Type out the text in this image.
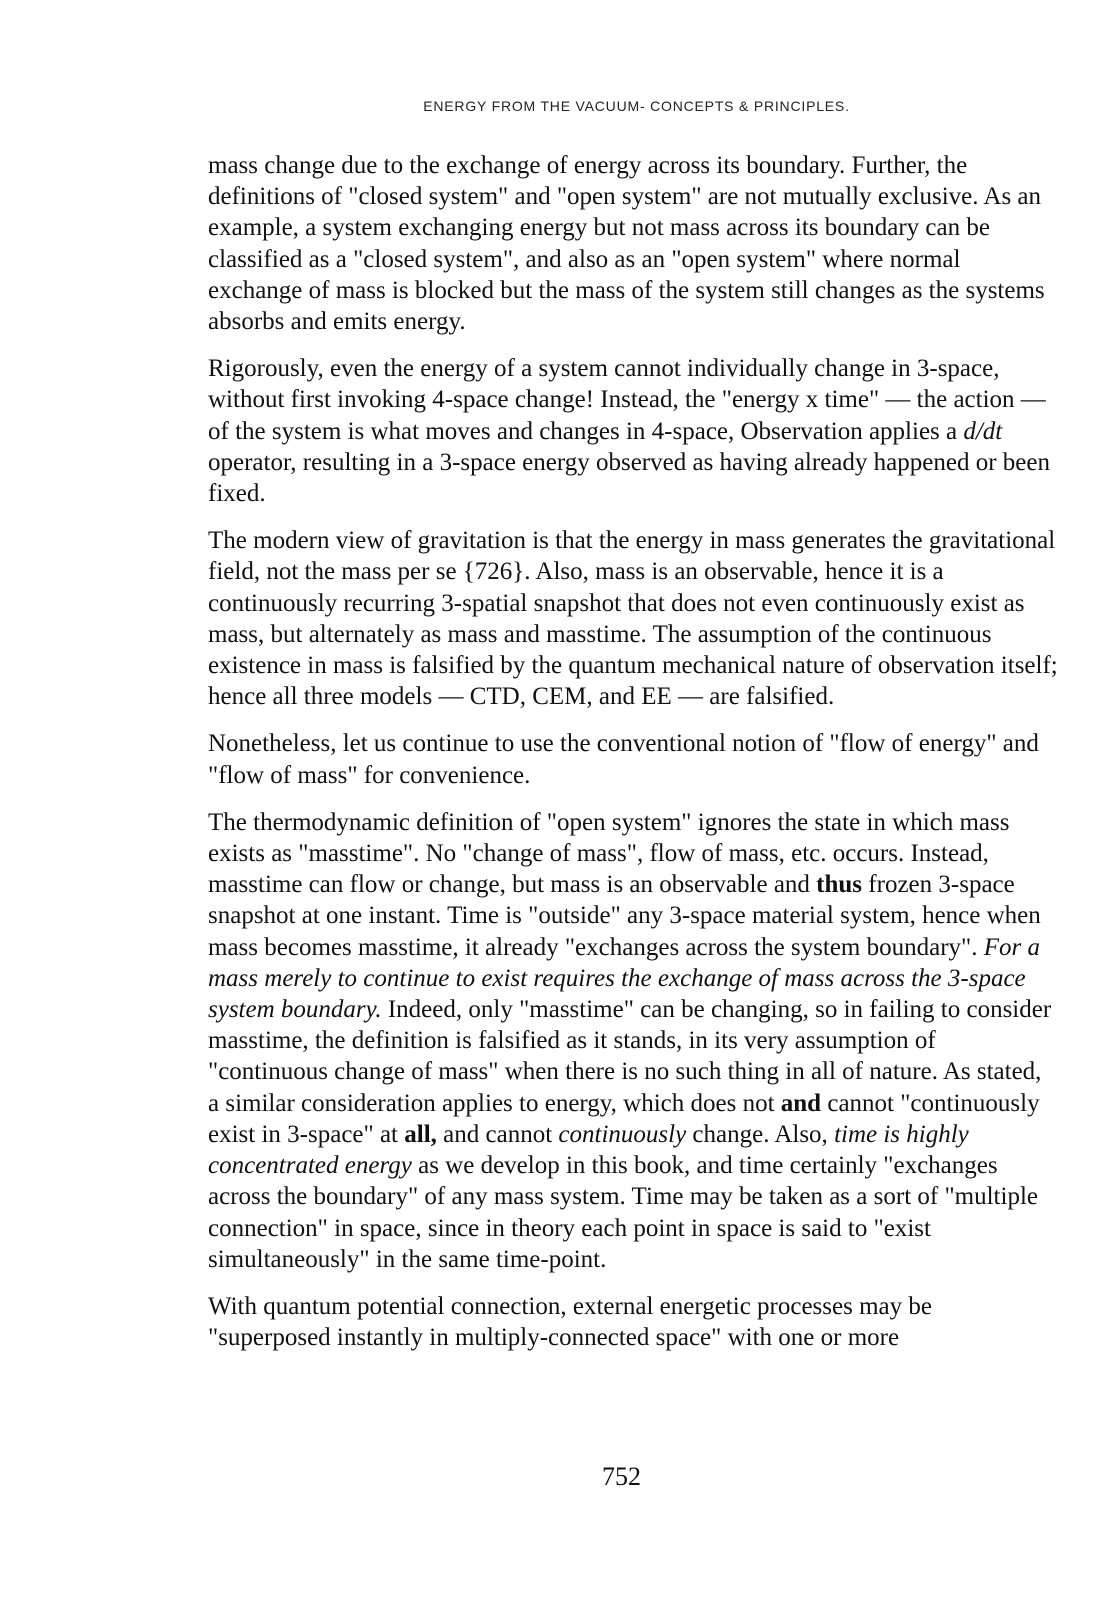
ENERGY FROM THE VACUUM- CONCEPTS & PRINCIPLES.

mass change due to the exchange of energy across its boundary. Further, the definitions of "closed system" and "open system" are not mutually exclusive. As an example, a system exchanging energy but not mass across its boundary can be classified as a "closed system", and also as an "open system" where normal exchange of mass is blocked but the mass of the system still changes as the systems absorbs and emits energy.

Rigorously, even the energy of a system cannot individually change in 3-space, without first invoking 4-space change! Instead, the "energy x time" — the action — of the system is what moves and changes in 4-space, Observation applies a d/dt operator, resulting in a 3-space energy observed as having already happened or been fixed.

The modern view of gravitation is that the energy in mass generates the gravitational field, not the mass per se {726}. Also, mass is an observable, hence it is a continuously recurring 3-spatial snapshot that does not even continuously exist as mass, but alternately as mass and masstime. The assumption of the continuous existence in mass is falsified by the quantum mechanical nature of observation itself; hence all three models — CTD, CEM, and EE — are falsified.

Nonetheless, let us continue to use the conventional notion of "flow of energy" and "flow of mass" for convenience.

The thermodynamic definition of "open system" ignores the state in which mass exists as "masstime". No "change of mass", flow of mass, etc. occurs. Instead, masstime can flow or change, but mass is an observable and thus frozen 3-space snapshot at one instant. Time is "outside" any 3-space material system, hence when mass becomes masstime, it already "exchanges across the system boundary". For a mass merely to continue to exist requires the exchange of mass across the 3-space system boundary. Indeed, only "masstime" can be changing, so in failing to consider masstime, the definition is falsified as it stands, in its very assumption of "continuous change of mass" when there is no such thing in all of nature. As stated, a similar consideration applies to energy, which does not and cannot "continuously exist in 3-space" at all, and cannot continuously change. Also, time is highly concentrated energy as we develop in this book, and time certainly "exchanges across the boundary" of any mass system. Time may be taken as a sort of "multiple connection" in space, since in theory each point in space is said to "exist simultaneously" in the same time-point.

With quantum potential connection, external energetic processes may be "superposed instantly in multiply-connected space" with one or more

752
